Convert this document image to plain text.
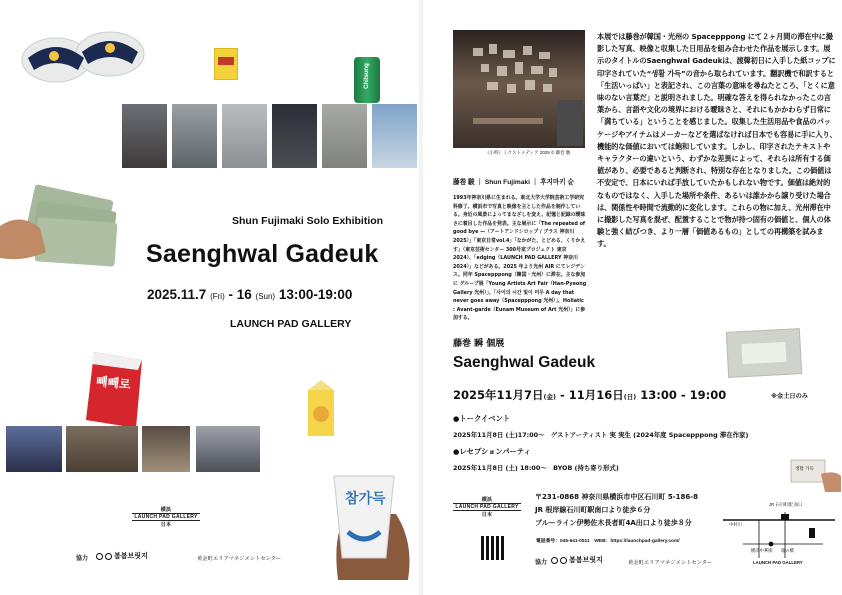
Chilsung
Shun Fujimaki Solo Exhibition
Saenghwal Gadeuk
2025.11.7 (Fri) - 16 (Sun) 13:00-19:00
LAUNCH PAD GALLERY
빼빼로
참가득
横浜
LAUNCH PAD GALLERY
日本
協力	봄봄브릿지	黄金町エリアマネジメントセンター
《小時》ミクストメディア 2025 © 藤巻 駿
藤巻 駿 ｜ Shun Fujimaki ｜ 후지마키 슌
1993年神奈川県に生まれる。東北大学大学院芸術工学研究科修了。横浜市で写真と映像を主とした作品を制作している。身近の風景によってまなざしを変え、記憶と記録の曖昧さに着目した作品を発表。主な展示に「The repeated of good bye —（アートアンドシロップ / ブラス 神奈川 2025）」「東京日常vol.4」「なかがた、とどめる、くりかえす」（東京芸術センター 300号室プロジェクト 東京 2024）、「edging（LAUNCH PAD GALLERY 神奈川 2024）」などがある。2025 年より光州 AIR にてレジデンス。同年 Spacepppong（韓国・光州）に滞在。主な参加に グループ展「Young Artists Art Fair（Han-Pyeong Gallery 光州）」、「사이의 시간 빛이 머무 A day that never goes away（Spacepppong 光州）」、Hollatic : Avant-garde（Eunam Museum of Art 光州）」に参加する。
本展では藤巻が韓国・光州の Spacepppong にて２ヶ月間の滞在中に撮影した写真、映像と収集した日用品を組み合わせた作品を展示します。展示のタイトルのSaenghwal Gadeukは、渡韓初日に入手した紙コップに印字されていた“생활 가득”の音から取られています。翻訳機で和訳すると「生活いっぱい」と表記され、この言葉の意味を尋ねたところ、「とくに意味のない言葉だ」と説明されました。明確な答えを得られなかったこの言葉から、言語や文化の境界における曖昧さと、それにもかかわらず日常に「満ちている」ということを感じました。収集した生活用品や食品のパッケージやアイテムはメーカーなどを選ばなければ日本でも容易に手に入り、機能的な価値においては飽和しています。しかし、印字されたテキストやキャラクターの違いという、わずかな差異によって、それらは所有する価値があり、必要であると判断され、特別な存在となりました。この価値は不安定で、日本にいれば手放していたかもしれない物です。価値は絶対的なものではなく、入手した場所や条件、あるいは誰かから譲り受けた場合は、関係性や時間で流動的に変化します。これらの物に加え、光州滞在中に撮影した写真を混ぜ、配置することで物が持つ固有の価値と、個人の体験と強く結びつき、より一層「価値あるもの」としての再構築を試みます。
藤巻 瞬 個展
Saenghwal Gadeuk
2025年11月7日(金) - 11月16日(日) 13:00 - 19:00	※金土日のみ
●トークイベント
2025年11月8日 (土)17:00〜　ゲストアーティスト 実 実生 (2024年度 Spacepppong 滞在作家)
●レセプションパーティ
2025年11月8日 (土) 18:00〜　BYOB (持ち寄り形式)	생활 가득
横浜
LAUNCH PAD GALLERY
日本
〒231-0868 神奈川県横浜市中区石川町 5-186-8
JR 根岸線石川町駅南口より徒歩６分
ブルーライン伊勢佐木長者町4A出口より徒歩８分
電話番号：045-641-0511　WEB：https://launchpad-gallery.com/
協力	봄봄브릿지	黄金町エリアマネジメントセンター
JR 石川町駅 南口
中村川
横浜中華街 亀の橋
LAUNCH PAD GALLERY
